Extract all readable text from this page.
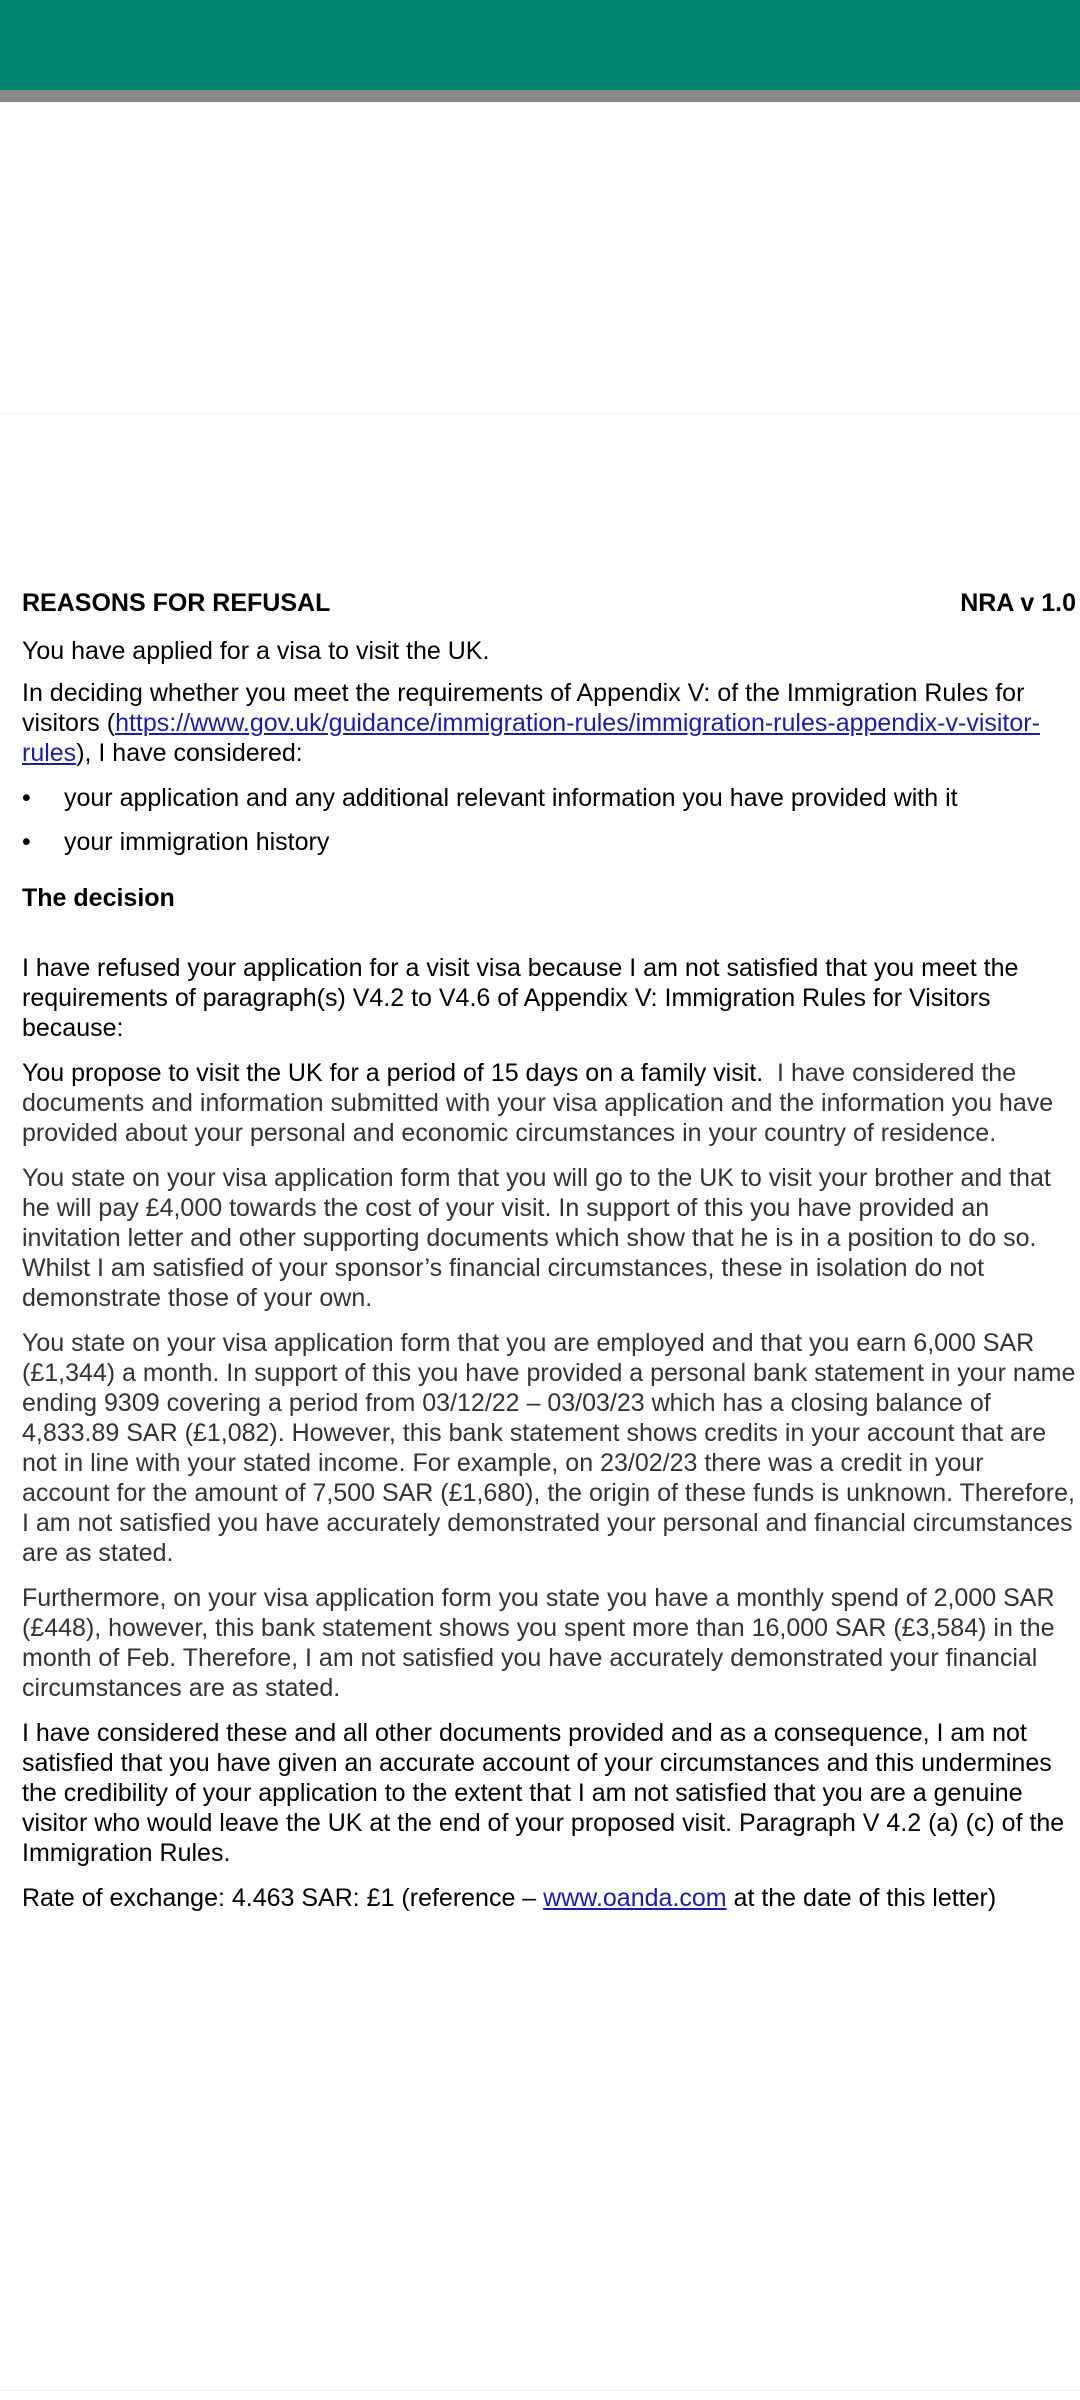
REASONS FOR REFUSAL	NRA v 1.0

You have applied for a visa to visit the UK.

In deciding whether you meet the requirements of Appendix V: of the Immigration Rules for visitors (https://www.gov.uk/guidance/immigration-rules/immigration-rules-appendix-v-visitor-rules), I have considered:

• your application and any additional relevant information you have provided with it
• your immigration history
The decision

I have refused your application for a visit visa because I am not satisfied that you meet the requirements of paragraph(s) V4.2 to V4.6 of Appendix V: Immigration Rules for Visitors because:

You propose to visit the UK for a period of 15 days on a family visit. I have considered the documents and information submitted with your visa application and the information you have provided about your personal and economic circumstances in your country of residence.

You state on your visa application form that you will go to the UK to visit your brother and that he will pay £4,000 towards the cost of your visit. In support of this you have provided an invitation letter and other supporting documents which show that he is in a position to do so. Whilst I am satisfied of your sponsor’s financial circumstances, these in isolation do not demonstrate those of your own.

You state on your visa application form that you are employed and that you earn 6,000 SAR (£1,344) a month. In support of this you have provided a personal bank statement in your name ending 9309 covering a period from 03/12/22 – 03/03/23 which has a closing balance of 4,833.89 SAR (£1,082). However, this bank statement shows credits in your account that are not in line with your stated income. For example, on 23/02/23 there was a credit in your account for the amount of 7,500 SAR (£1,680), the origin of these funds is unknown. Therefore, I am not satisfied you have accurately demonstrated your personal and financial circumstances are as stated.

Furthermore, on your visa application form you state you have a monthly spend of 2,000 SAR (£448), however, this bank statement shows you spent more than 16,000 SAR (£3,584) in the month of Feb. Therefore, I am not satisfied you have accurately demonstrated your financial circumstances are as stated.

I have considered these and all other documents provided and as a consequence, I am not satisfied that you have given an accurate account of your circumstances and this undermines the credibility of your application to the extent that I am not satisfied that you are a genuine visitor who would leave the UK at the end of your proposed visit. Paragraph V 4.2 (a) (c) of the Immigration Rules.

Rate of exchange: 4.463 SAR: £1 (reference – www.oanda.com at the date of this letter)
